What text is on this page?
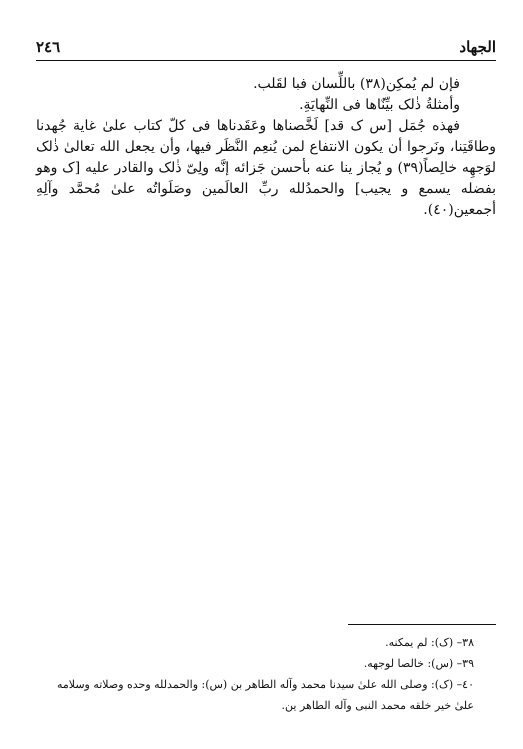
الجهاد
٢٤٦

فإن لم يُمكِن(٣٨) باللِّسان فبا لقَلب.

وأمثلةُ ذٰلک بيِّنٌاها فی النِّهايَةِ.

فهذه جُمَل [س ک قد] لَخَّصناها وعَقَدناها فی کلّ کتاب علیٰ غاية جُهدنا وطاقَتِنا، ونَرجوا أن يكون الانتفاع لمن يُنعِم النَّظَر فيها، وأن يجعل الله تعالیٰ ذٰلک لوَجهِه خالِصاً(٣٩) و يُجاز ينا عنه بأحسن جَزائه إنَّه ولِیّ ذٰلک والقادر عليه [ک وهو بفضله يسمع و يجيب] والحمدُلله ربِّ العالَمين وصَلَواتُه علیٰ مُحمَّد وآلِهِ أجمعين(٤٠).

٣٨– (ک): لم يمکنه.

٣٩– (س): خالصا لوجهه.

٤٠– (ک): وصلی الله علیٰ سيدنا محمد وآله الطاهر بن (س): والحمدلله وحده وصلاته وسلامه

علیٰ خير خلقه محمد النبی وآله الطاهر ين.
